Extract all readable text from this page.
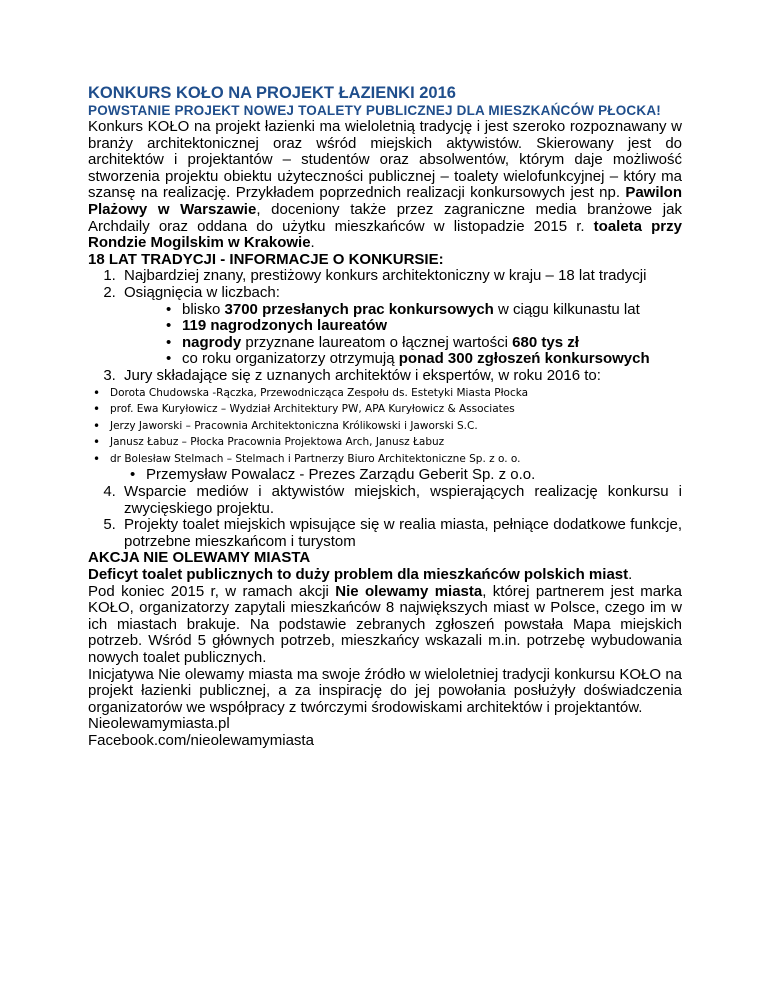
KONKURS KOŁO NA PROJEKT ŁAZIENKI 2016

POWSTANIE PROJEKT NOWEJ TOALETY PUBLICZNEJ DLA MIESZKAŃCÓW PŁOCKA!

Konkurs KOŁO na projekt łazienki ma wieloletnią tradycję i jest szeroko rozpoznawany w branży architektonicznej oraz wśród miejskich aktywistów. Skierowany jest do architektów i projektantów – studentów oraz absolwentów, którym daje możliwość stworzenia projektu obiektu użyteczności publicznej – toalety wielofunkcyjnej – który ma szansę na realizację. Przykładem poprzednich realizacji konkursowych jest np. Pawilon Plażowy w Warszawie, doceniony także przez zagraniczne media branżowe jak Archdaily oraz oddana do użytku mieszkańców w listopadzie 2015 r. toaleta przy Rondzie Mogilskim w Krakowie.

18 LAT TRADYCJI - INFORMACJE O KONKURSIE:

1. Najbardziej znany, prestiżowy konkurs architektoniczny w kraju – 18 lat tradycji
2. Osiągnięcia w liczbach:
• blisko 3700 przesłanych prac konkursowych w ciągu kilkunastu lat
• 119 nagrodzonych laureatów
• nagrody przyznane laureatom o łącznej wartości 680 tys zł
• co roku organizatorzy otrzymują ponad 300 zgłoszeń konkursowych
3. Jury składające się z uznanych architektów i ekspertów, w roku 2016 to:
• Dorota Chudowska -Rączka, Przewodnicząca Zespołu ds. Estetyki Miasta Płocka
• prof. Ewa Kuryłowicz – Wydział Architektury PW, APA Kuryłowicz & Associates
• Jerzy Jaworski – Pracownia Architektoniczna Królikowski i Jaworski S.C.
• Janusz Łabuz – Płocka Pracownia Projektowa Arch, Janusz Łabuz
• dr Bolesław Stelmach – Stelmach i Partnerzy Biuro Architektoniczne Sp. z o. o.
• Przemysław Powalacz - Prezes Zarządu Geberit Sp. z o.o.
4. Wsparcie mediów i aktywistów miejskich, wspierających realizację konkursu i zwycięskiego projektu.
5. Projekty toalet miejskich wpisujące się w realia miasta, pełniące dodatkowe funkcje, potrzebne mieszkańcom i turystom

AKCJA NIE OLEWAMY MIASTA

Deficyt toalet publicznych to duży problem dla mieszkańców polskich miast.

Pod koniec 2015 r, w ramach akcji Nie olewamy miasta, której partnerem jest marka KOŁO, organizatorzy zapytali mieszkańców 8 największych miast w Polsce, czego im w ich miastach brakuje. Na podstawie zebranych zgłoszeń powstała Mapa miejskich potrzeb. Wśród 5 głównych potrzeb, mieszkańcy wskazali m.in. potrzebę wybudowania nowych toalet publicznych.

Inicjatywa Nie olewamy miasta ma swoje źródło w wieloletniej tradycji konkursu KOŁO na projekt łazienki publicznej, a za inspirację do jej powołania posłużyły doświadczenia organizatorów we współpracy z twórczymi środowiskami architektów i projektantów.

Nieolewamymiasta.pl

Facebook.com/nieolewamymiasta
